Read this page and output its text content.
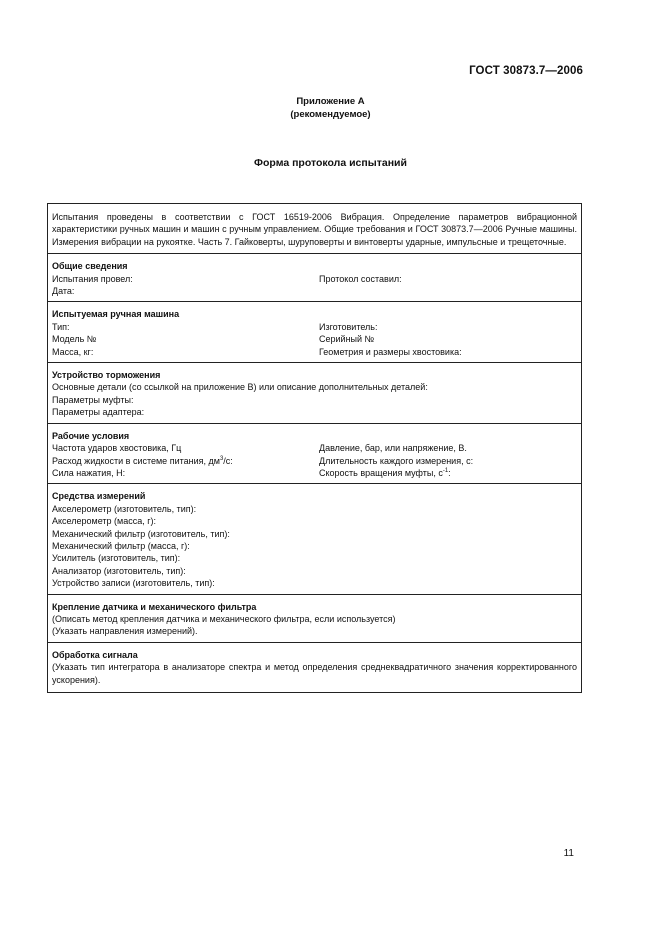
ГОСТ 30873.7—2006
Приложение А
(рекомендуемое)
Форма протокола испытаний
Испытания проведены в соответствии с ГОСТ 16519-2006 Вибрация. Определение параметров вибрационной характеристики ручных машин и машин с ручным управлением. Общие требования и ГОСТ 30873.7—2006 Ручные машины. Измерения вибрации на рукоятке. Часть 7. Гайковерты, шуруповерты и винтоверты ударные, импульсные и трещеточные.
Общие сведения
Испытания провел:	Протокол составил:
Дата:
Испытуемая ручная машина
Тип:	Изготовитель:
Модель №	Серийный №
Масса, кг:	Геометрия и размеры хвостовика:
Устройство торможения
Основные детали (со ссылкой на приложение В) или описание дополнительных деталей:
Параметры муфты:
Параметры адаптера:
Рабочие условия
Частота ударов хвостовика, Гц	Давление, бар, или напряжение, В.
Расход жидкости в системе питания, $дм^3/с$:	Длительность каждого измерения, с:
Сила нажатия, Н:	Скорость вращения муфты, $с^{-1}$:
Средства измерений
Акселерометр (изготовитель, тип):
Акселерометр (масса, г):
Механический фильтр (изготовитель, тип):
Механический фильтр (масса, г):
Усилитель (изготовитель, тип):
Анализатор (изготовитель, тип):
Устройство записи (изготовитель, тип):
Крепление датчика и механического фильтра
(Описать метод крепления датчика и механического фильтра, если используется)
(Указать направления измерений).
Обработка сигнала
(Указать тип интегратора в анализаторе спектра и метод определения среднеквадратичного значения корректированного ускорения).
11
